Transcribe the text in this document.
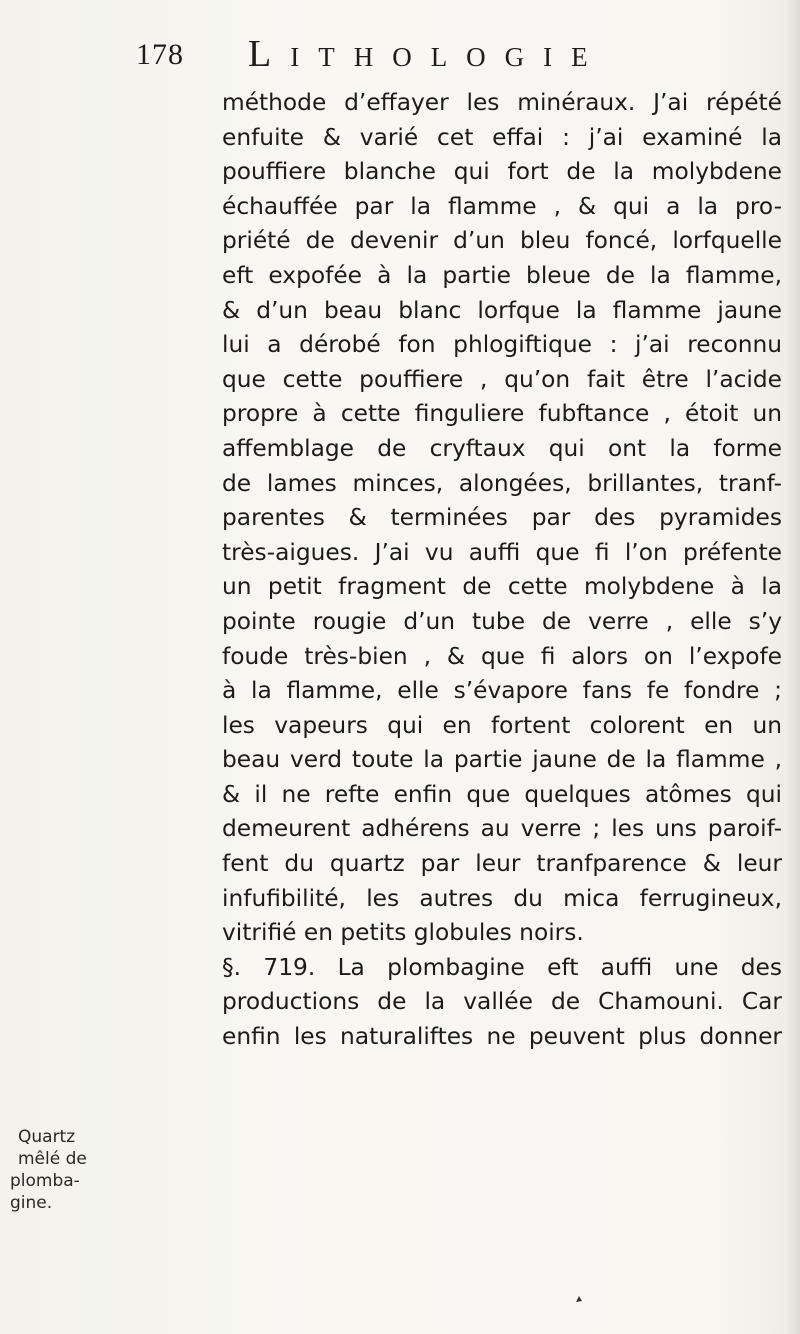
178 Lithologie
méthode d’effayer les minéraux. J’ai répété
enfuite & varié cet effai : j’ai examiné la
pouffiere blanche qui fort de la molybdene
échauffée par la flamme , & qui a la pro-
priété de devenir d’un bleu foncé, lorfquelle
eft expofée à la partie bleue de la flamme,
& d’un beau blanc lorfque la flamme jaune
lui a dérobé fon phlogiftique : j’ai reconnu
que cette pouffiere , qu’on fait être l’acide
propre à cette finguliere fubftance , étoit un
affemblage de cryftaux qui ont la forme
de lames minces, alongées, brillantes, tranf-
parentes & terminées par des pyramides
très-aigues. J’ai vu auffi que fi l’on préfente
un petit fragment de cette molybdene à la
pointe rougie d’un tube de verre , elle s’y
foude très-bien , & que fi alors on l’expofe
à la flamme, elle s’évapore fans fe fondre ;
les vapeurs qui en fortent colorent en un
beau verd toute la partie jaune de la flamme ,
& il ne refte enfin que quelques atômes qui
demeurent adhérens au verre ; les uns paroif-
fent du quartz par leur tranfparence & leur
infufibilité, les autres du mica ferrugineux,
vitrifié en petits globules noirs.
§. 719. La plombagine eft auffi une des
productions de la vallée de Chamouni. Car
enfin les naturaliftes ne peuvent plus donner
Quartz
mêlé de
plomba-
gine.
